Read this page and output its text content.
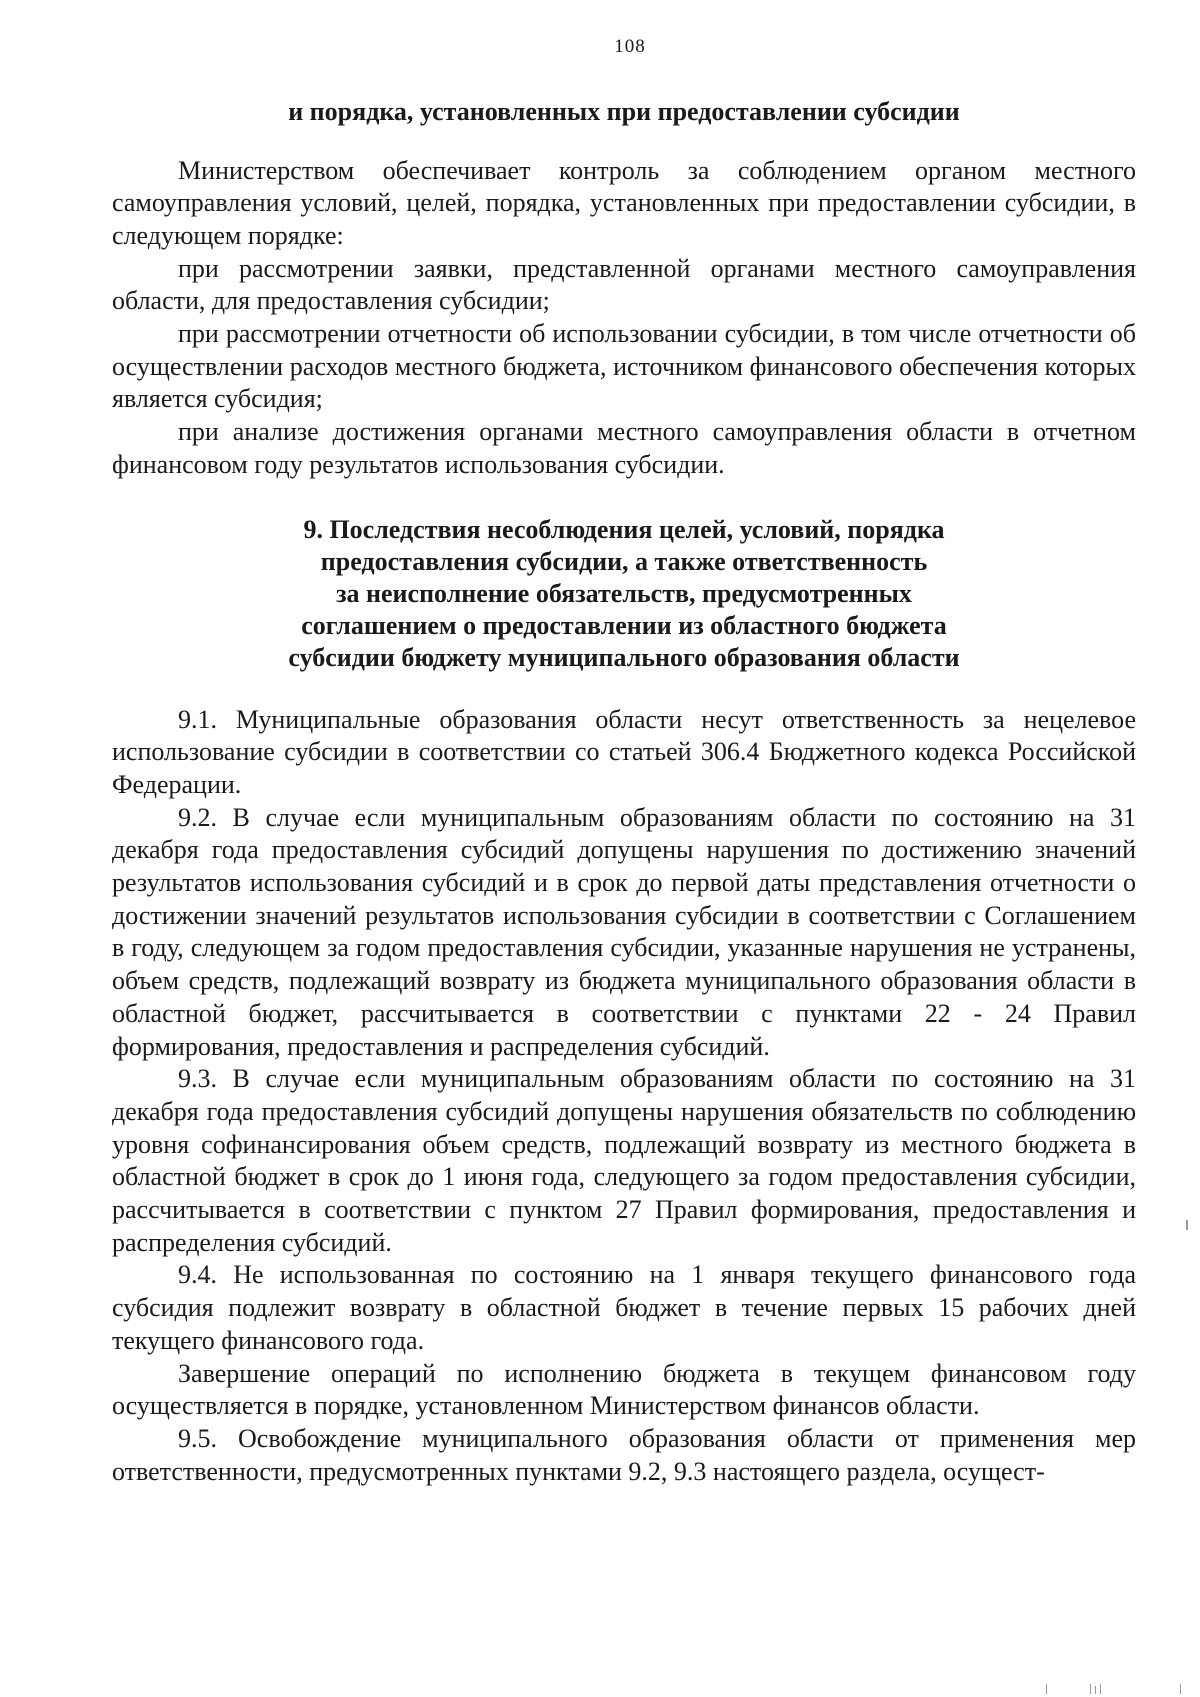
108
и порядка, установленных при предоставлении субсидии

Министерством обеспечивает контроль за соблюдением органом местного самоуправления условий, целей, порядка, установленных при предоставлении субсидии, в следующем порядке:

при рассмотрении заявки, представленной органами местного самоуправления области, для предоставления субсидии;

при рассмотрении отчетности об использовании субсидии, в том числе отчетности об осуществлении расходов местного бюджета, источником финансового обеспечения которых является субсидия;

при анализе достижения органами местного самоуправления области в отчетном финансовом году результатов использования субсидии.

9. Последствия несоблюдения целей, условий, порядка
предоставления субсидии, а также ответственность
за неисполнение обязательств, предусмотренных
соглашением о предоставлении из областного бюджета
субсидии бюджету муниципального образования области

9.1. Муниципальные образования области несут ответственность за нецелевое использование субсидии в соответствии со статьей 306.4 Бюджетного кодекса Российской Федерации.

9.2. В случае если муниципальным образованиям области по состоянию на 31 декабря года предоставления субсидий допущены нарушения по достижению значений результатов использования субсидий и в срок до первой даты представления отчетности о достижении значений результатов использования субсидии в соответствии с Соглашением в году, следующем за годом предоставления субсидии, указанные нарушения не устранены, объем средств, подлежащий возврату из бюджета муниципального образования области в областной бюджет, рассчитывается в соответствии с пунктами 22 - 24 Правил формирования, предоставления и распределения субсидий.

9.3. В случае если муниципальным образованиям области по состоянию на 31 декабря года предоставления субсидий допущены нарушения обязательств по соблюдению уровня софинансирования объем средств, подлежащий возврату из местного бюджета в областной бюджет в срок до 1 июня года, следующего за годом предоставления субсидии, рассчитывается в соответствии с пунктом 27 Правил формирования, предоставления и распределения субсидий.

9.4. Не использованная по состоянию на 1 января текущего финансового года субсидия подлежит возврату в областной бюджет в течение первых 15 рабочих дней текущего финансового года.

Завершение операций по исполнению бюджета в текущем финансовом году осуществляется в порядке, установленном Министерством финансов области.

9.5. Освобождение муниципального образования области от применения мер ответственности, предусмотренных пунктами 9.2, 9.3 настоящего раздела, осущест-
